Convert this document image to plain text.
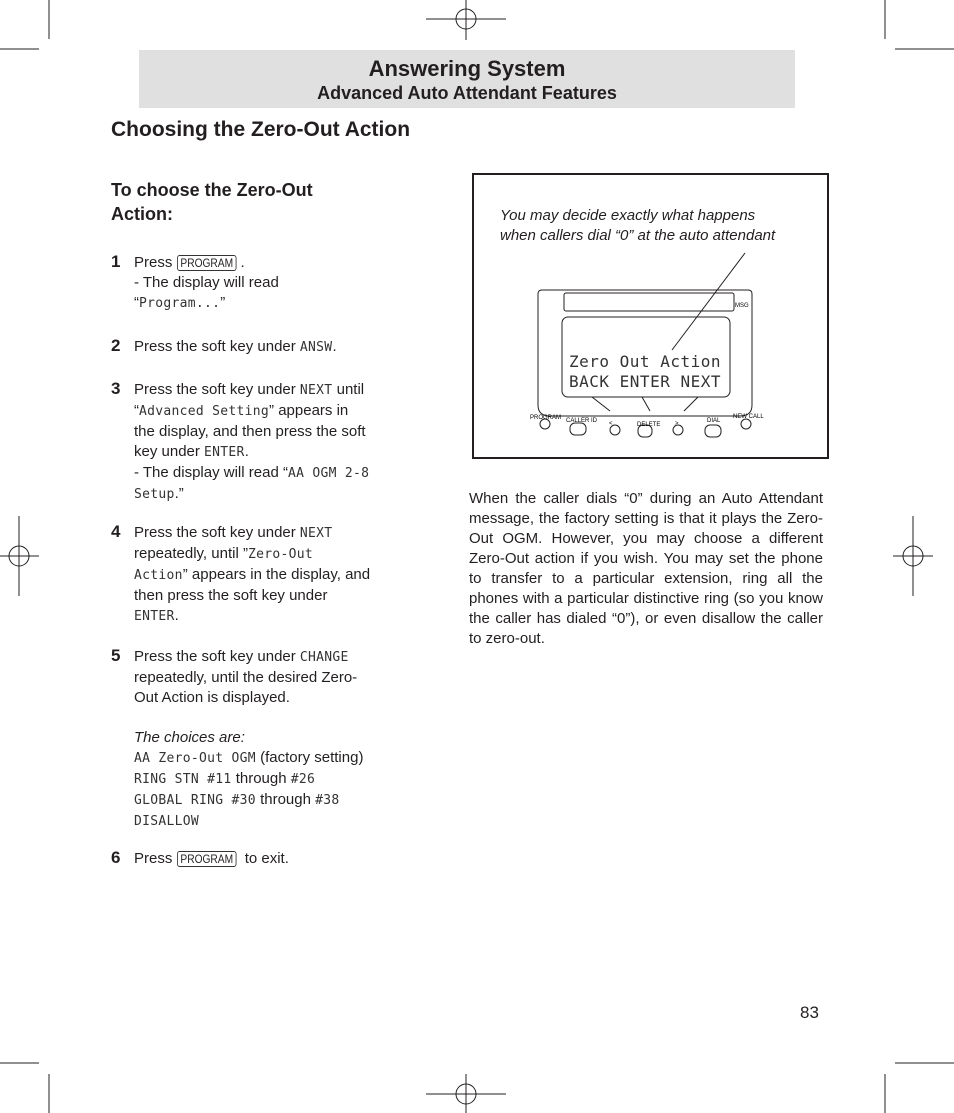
Answering System
Advanced Auto Attendant Features
Choosing the Zero-Out Action
To choose the Zero-Out Action:
1 Press PROGRAM .

- The display will read

“Program...”

2 Press the soft key under ANSW.

3 Press the soft key under NEXT until

“Advanced Setting” appears in

the display, and then press the soft

key under ENTER.

- The display will read “AA OGM 2-8

Setup.”

4 Press the soft key under NEXT

repeatedly, until ”Zero-Out

Action” appears in the display, and

then press the soft key under

ENTER.

5 Press the soft key under CHANGE

repeatedly, until the desired Zero-

Out Action is displayed.

The choices are:

AA Zero-Out OGM (factory setting)

RING STN #11 through #26

GLOBAL RING #30 through #38

DISALLOW

6 Press PROGRAM to exit.

You may decide exactly what happens
when callers dial “0” at the auto attendant
MSG
PROGRAM CALLER ID <	DELETE >	DIAL
NEW CALL
Zero Out Action
BACK ENTER NEXT
When the caller dials “0” during an Auto Attendant message, the factory setting is that it plays the Zero-Out OGM. However, you may choose a different Zero-Out action if you wish. You may set the phone to transfer to a particular extension, ring all the phones with a particular distinctive ring (so you know the caller has dialed “0”), or even disallow the caller to zero-out.
83
